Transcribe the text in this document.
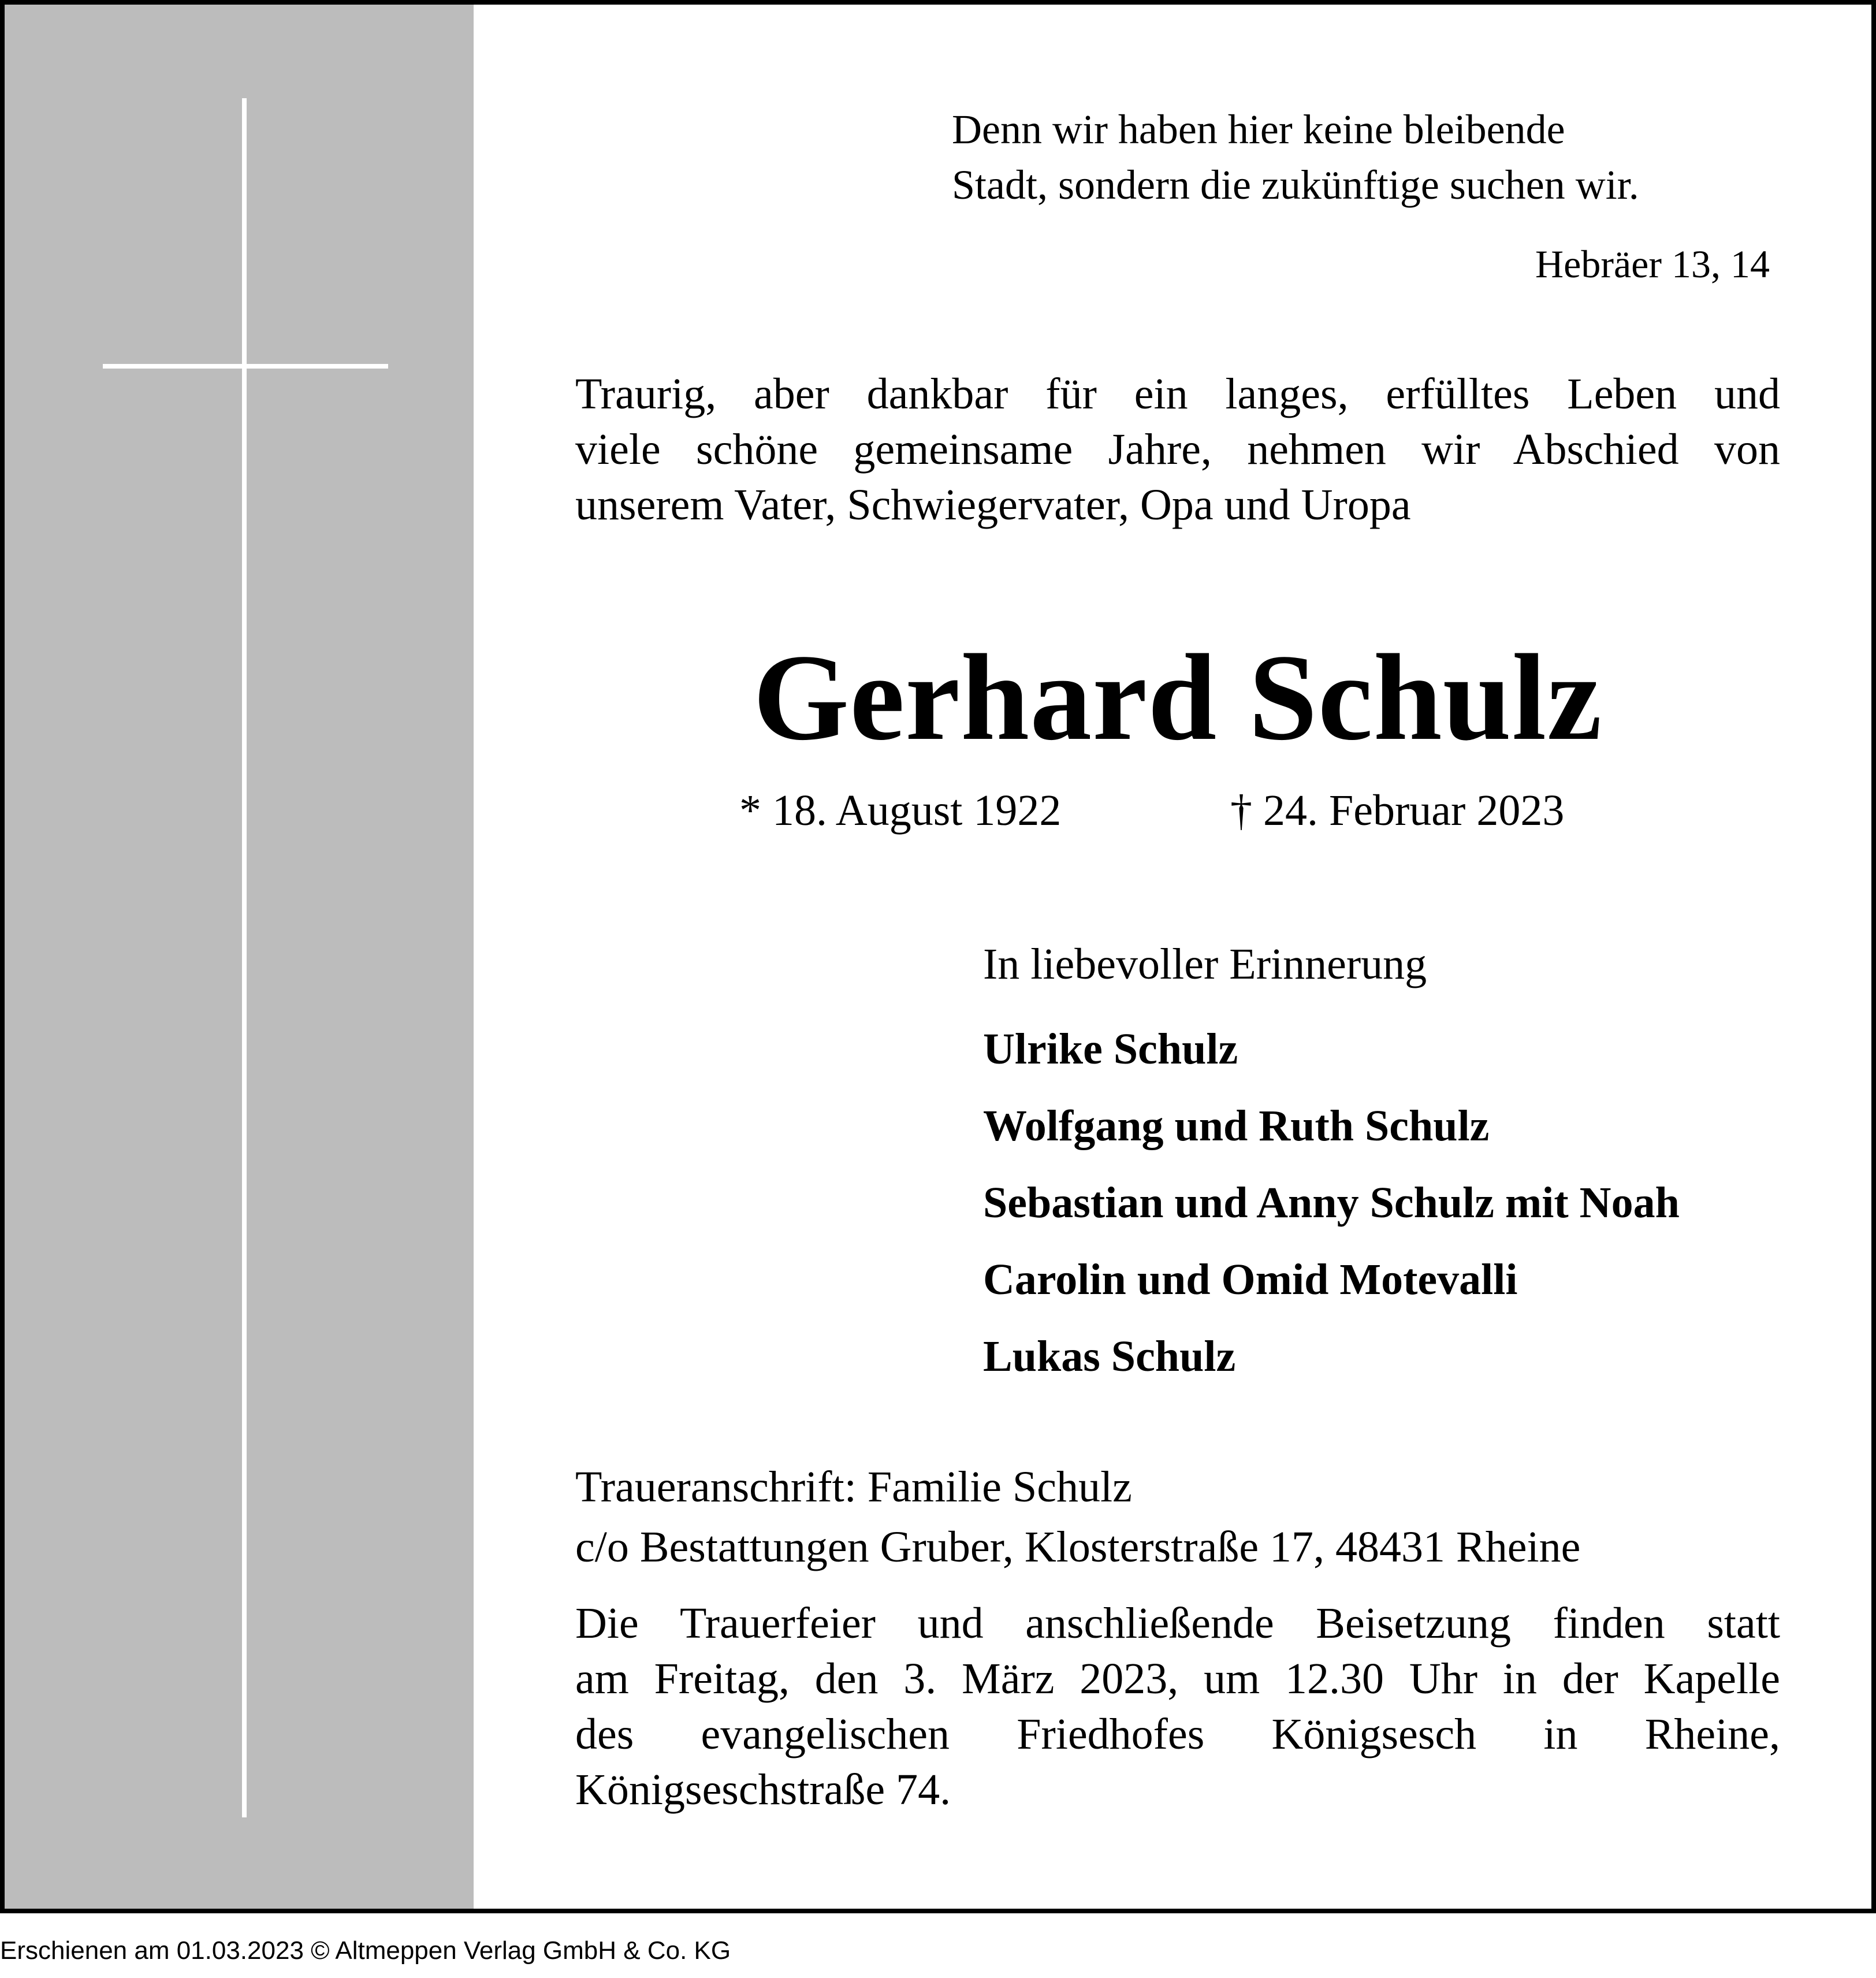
Denn wir haben hier keine bleibende
Stadt, sondern die zukünftige suchen wir.
Hebräer 13, 14
Traurig, aber dankbar für ein langes, erfülltes Leben und
viele schöne gemeinsame Jahre, nehmen wir Abschied von
unserem Vater, Schwiegervater, Opa und Uropa
Gerhard Schulz
* 18. August 1922	† 24. Februar 2023
In liebevoller Erinnerung
Ulrike Schulz
Wolfgang und Ruth Schulz
Sebastian und Anny Schulz mit Noah
Carolin und Omid Motevalli
Lukas Schulz
Traueranschrift: Familie Schulz
c/o Bestattungen Gruber, Klosterstraße 17, 48431 Rheine
Die Trauerfeier und anschließende Beisetzung finden statt
am Freitag, den 3. März 2023, um 12.30 Uhr in der Kapelle
des evangelischen Friedhofes Königsesch in Rheine,
Königseschstraße 74.
Erschienen am 01.03.2023 © Altmeppen Verlag GmbH & Co. KG
